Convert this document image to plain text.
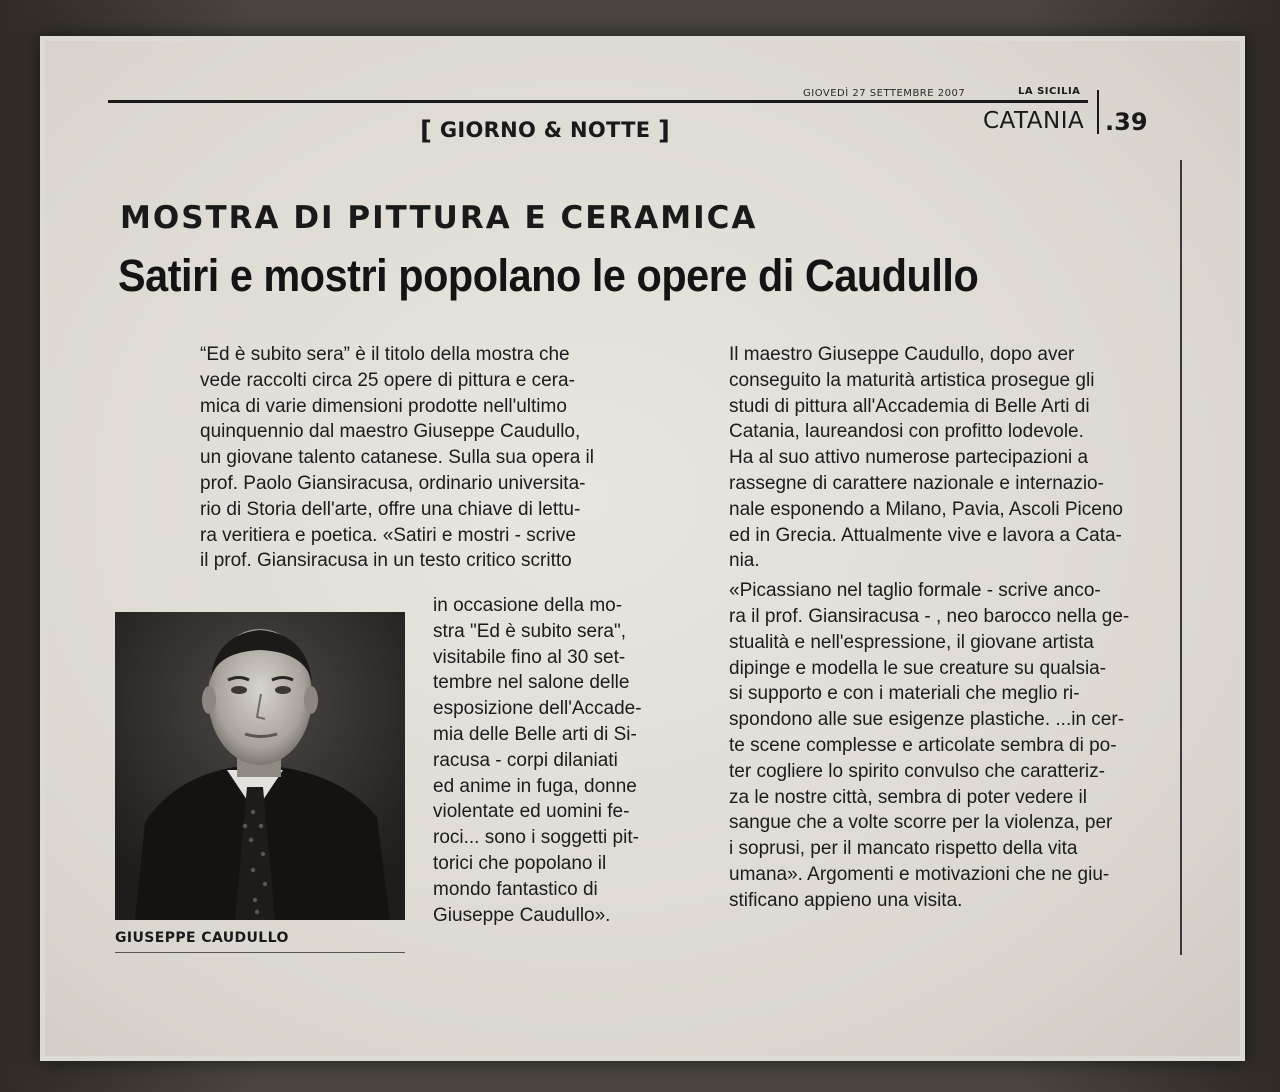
GIOVEDÌ 27 SETTEMBRE 2007	LA SICILIA
[ GIORNO & NOTTE ]	CATANIA .39
MOSTRA DI PITTURA E CERAMICA
Satiri e mostri popolano le opere di Caudullo
“Ed è subito sera” è il titolo della mostra che
vede raccolti circa 25 opere di pittura e cera-
mica di varie dimensioni prodotte nell'ultimo
quinquennio dal maestro Giuseppe Caudullo,
un giovane talento catanese. Sulla sua opera il
prof. Paolo Giansiracusa, ordinario universita-
rio di Storia dell'arte, offre una chiave di lettu-
ra veritiera e poetica. «Satiri e mostri - scrive
il prof. Giansiracusa in un testo critico scritto
in occasione della mo-
stra "Ed è subito sera",
visitabile fino al 30 set-
tembre nel salone delle
esposizione dell'Accade-
mia delle Belle arti di Si-
racusa - corpi dilaniati
ed anime in fuga, donne
violentate ed uomini fe-
roci... sono i soggetti pit-
torici che popolano il
mondo fantastico di
Giuseppe Caudullo».

Il maestro Giuseppe Caudullo, dopo aver
conseguito la maturità artistica prosegue gli
studi di pittura all'Accademia di Belle Arti di
Catania, laureandosi con profitto lodevole.
Ha al suo attivo numerose partecipazioni a
rassegne di carattere nazionale e internazio-
nale esponendo a Milano, Pavia, Ascoli Piceno
ed in Grecia. Attualmente vive e lavora a Cata-
nia.

«Picassiano nel taglio formale - scrive anco-
ra il prof. Giansiracusa - , neo barocco nella ge-
stualità e nell'espressione, il giovane artista
dipinge e modella le sue creature su qualsia-
si supporto e con i materiali che meglio ri-
spondono alle sue esigenze plastiche. ...in cer-
te scene complesse e articolate sembra di po-
ter cogliere lo spirito convulso che caratteriz-
za le nostre città, sembra di poter vedere il
sangue che a volte scorre per la violenza, per
i soprusi, per il mancato rispetto della vita
umana». Argomenti e motivazioni che ne giu-
stificano appieno una visita.

GIUSEPPE CAUDULLO
